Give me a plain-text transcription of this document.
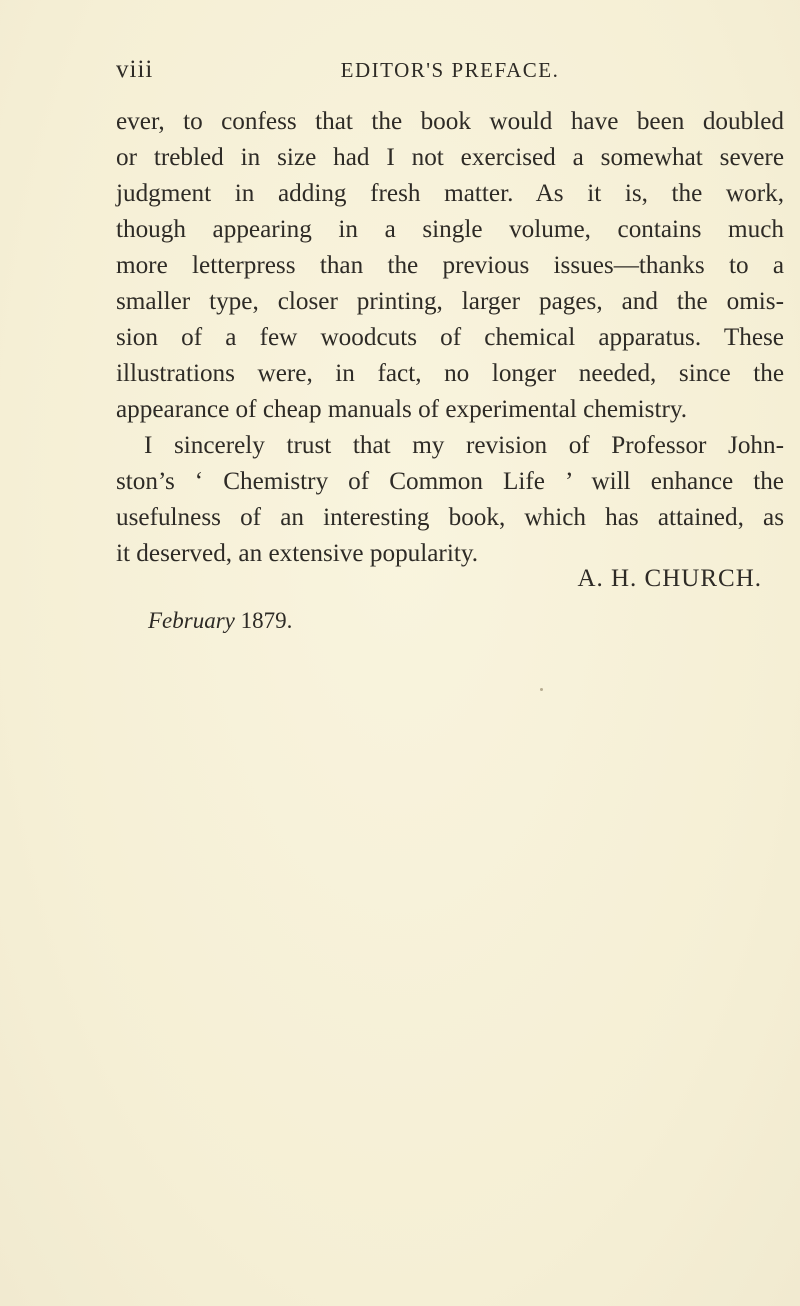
viii	EDITOR'S PREFACE.
ever, to confess that the book would have been doubled
or trebled in size had I not exercised a somewhat severe
judgment in adding fresh matter. As it is, the work,
though appearing in a single volume, contains much
more letterpress than the previous issues—thanks to a
smaller type, closer printing, larger pages, and the omis-
sion of a few woodcuts of chemical apparatus. These
illustrations were, in fact, no longer needed, since the
appearance of cheap manuals of experimental chemistry.
I sincerely trust that my revision of Professor John-
ston’s ‘ Chemistry of Common Life ’ will enhance the
usefulness of an interesting book, which has attained, as
it deserved, an extensive popularity.
A. H. CHURCH.
February 1879.
